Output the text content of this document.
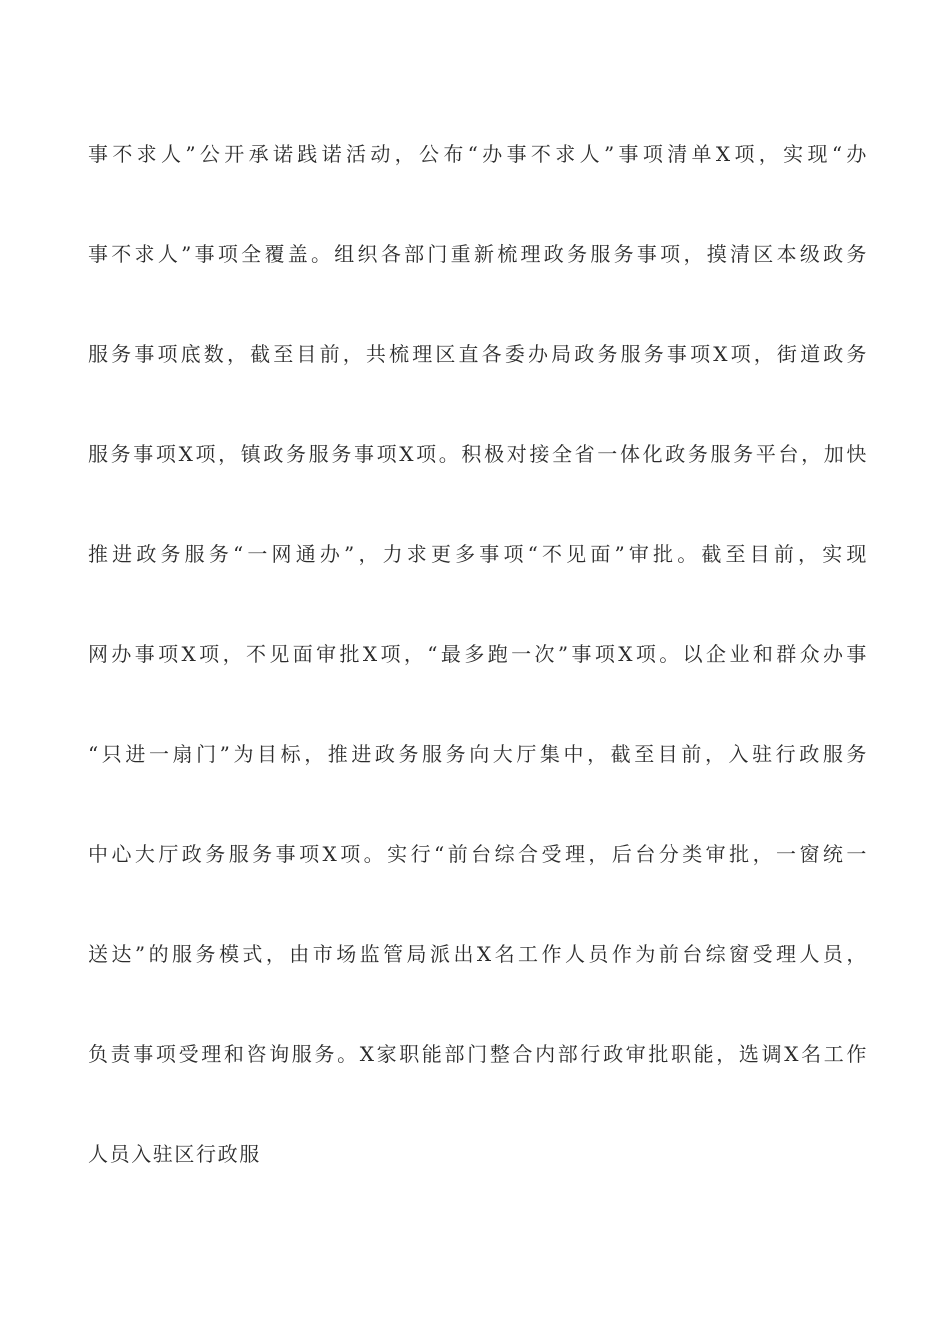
事不求人”公开承诺践诺活动，公布“办事不求人”事项清单X项，实现“办
事不求人”事项全覆盖。组织各部门重新梳理政务服务事项，摸清区本级政务
服务事项底数，截至目前，共梳理区直各委办局政务服务事项X项，街道政务
服务事项X项，镇政务服务事项X项。积极对接全省一体化政务服务平台，加快
推进政务服务“一网通办”，力求更多事项“不见面”审批。截至目前，实现
网办事项X项，不见面审批X项，“最多跑一次”事项X项。以企业和群众办事
“只进一扇门”为目标，推进政务服务向大厅集中，截至目前，入驻行政服务
中心大厅政务服务事项X项。实行“前台综合受理，后台分类审批，一窗统一
送达”的服务模式，由市场监管局派出X名工作人员作为前台综窗受理人员，
负责事项受理和咨询服务。X家职能部门整合内部行政审批职能，选调X名工作
人员入驻区行政服
